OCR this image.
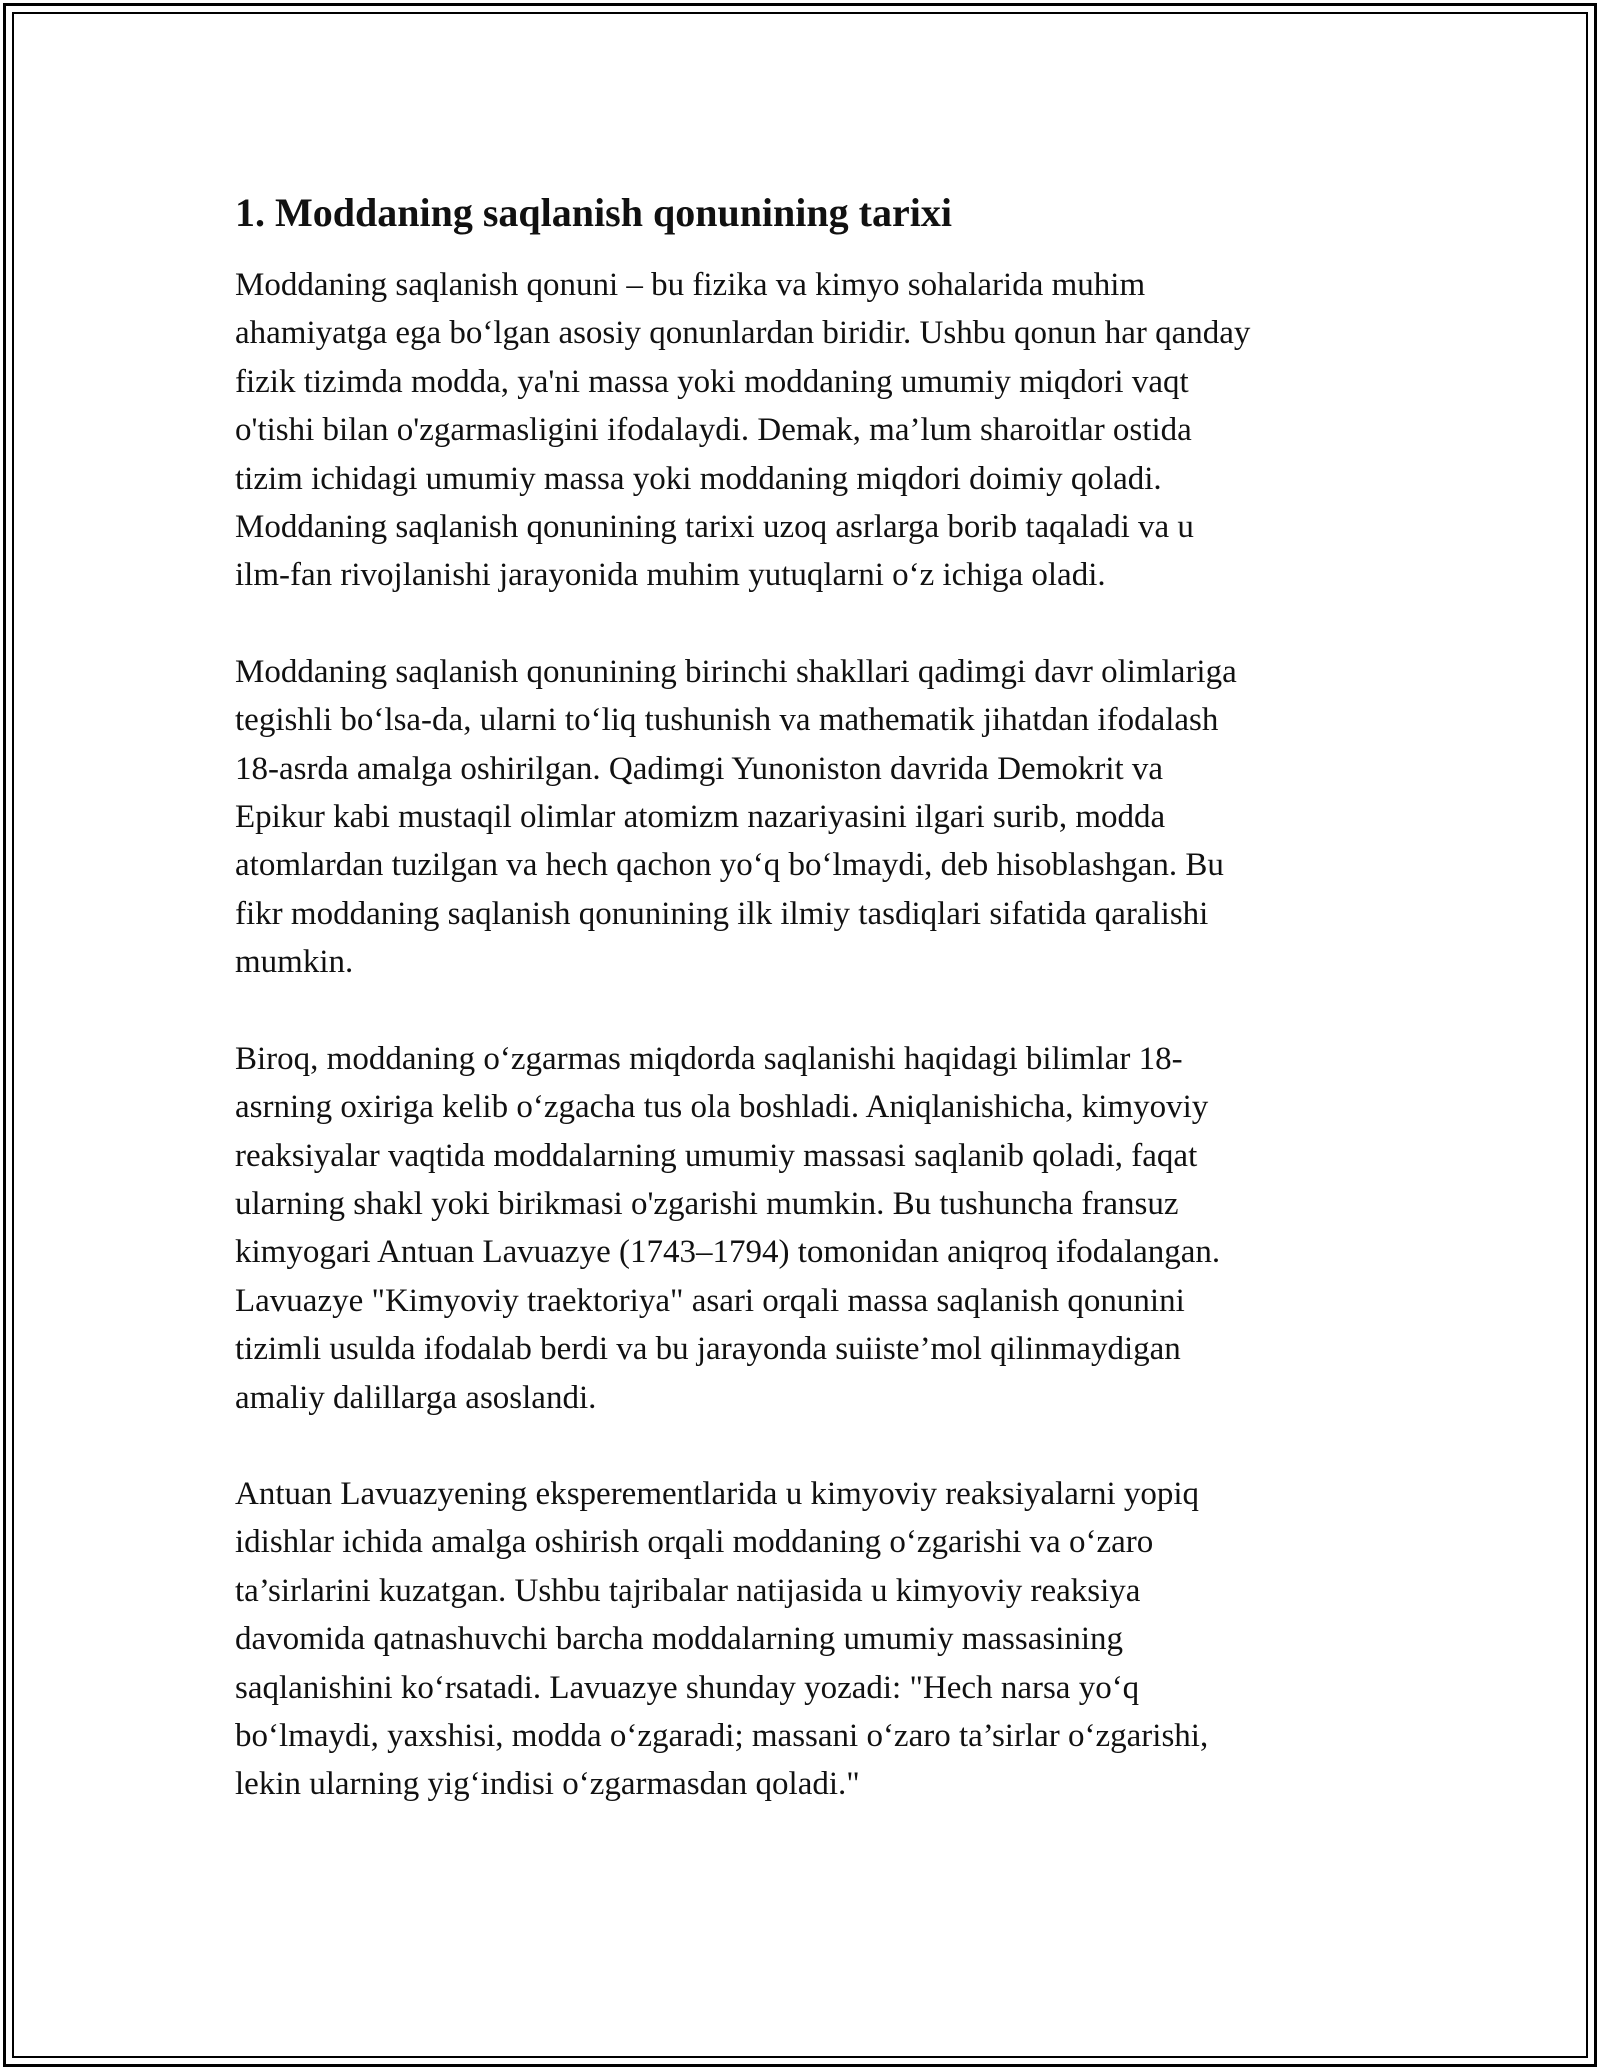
1. Moddaning saqlanish qonunining tarixi

Moddaning saqlanish qonuni – bu fizika va kimyo sohalarida muhim
ahamiyatga ega bo‘lgan asosiy qonunlardan biridir. Ushbu qonun har qanday
fizik tizimda modda, ya'ni massa yoki moddaning umumiy miqdori vaqt
o'tishi bilan o'zgarmasligini ifodalaydi. Demak, ma’lum sharoitlar ostida
tizim ichidagi umumiy massa yoki moddaning miqdori doimiy qoladi.
Moddaning saqlanish qonunining tarixi uzoq asrlarga borib taqaladi va u
ilm-fan rivojlanishi jarayonida muhim yutuqlarni o‘z ichiga oladi.

Moddaning saqlanish qonunining birinchi shakllari qadimgi davr olimlariga
tegishli bo‘lsa-da, ularni to‘liq tushunish va mathematik jihatdan ifodalash
18-asrda amalga oshirilgan. Qadimgi Yunoniston davrida Demokrit va
Epikur kabi mustaqil olimlar atomizm nazariyasini ilgari surib, modda
atomlardan tuzilgan va hech qachon yo‘q bo‘lmaydi, deb hisoblashgan. Bu
fikr moddaning saqlanish qonunining ilk ilmiy tasdiqlari sifatida qaralishi
mumkin.

Biroq, moddaning o‘zgarmas miqdorda saqlanishi haqidagi bilimlar 18-
asrning oxiriga kelib o‘zgacha tus ola boshladi. Aniqlanishicha, kimyoviy
reaksiyalar vaqtida moddalarning umumiy massasi saqlanib qoladi, faqat
ularning shakl yoki birikmasi o'zgarishi mumkin. Bu tushuncha fransuz
kimyogari Antuan Lavuazye (1743–1794) tomonidan aniqroq ifodalangan.
Lavuazye "Kimyoviy traektoriya" asari orqali massa saqlanish qonunini
tizimli usulda ifodalab berdi va bu jarayonda suiiste’mol qilinmaydigan
amaliy dalillarga asoslandi.

Antuan Lavuazyening eksperementlarida u kimyoviy reaksiyalarni yopiq
idishlar ichida amalga oshirish orqali moddaning o‘zgarishi va o‘zaro
ta’sirlarini kuzatgan. Ushbu tajribalar natijasida u kimyoviy reaksiya
davomida qatnashuvchi barcha moddalarning umumiy massasining
saqlanishini ko‘rsatadi. Lavuazye shunday yozadi: "Hech narsa yo‘q
bo‘lmaydi, yaxshisi, modda o‘zgaradi; massani o‘zaro ta’sirlar o‘zgarishi,
lekin ularning yig‘indisi o‘zgarmasdan qoladi."
